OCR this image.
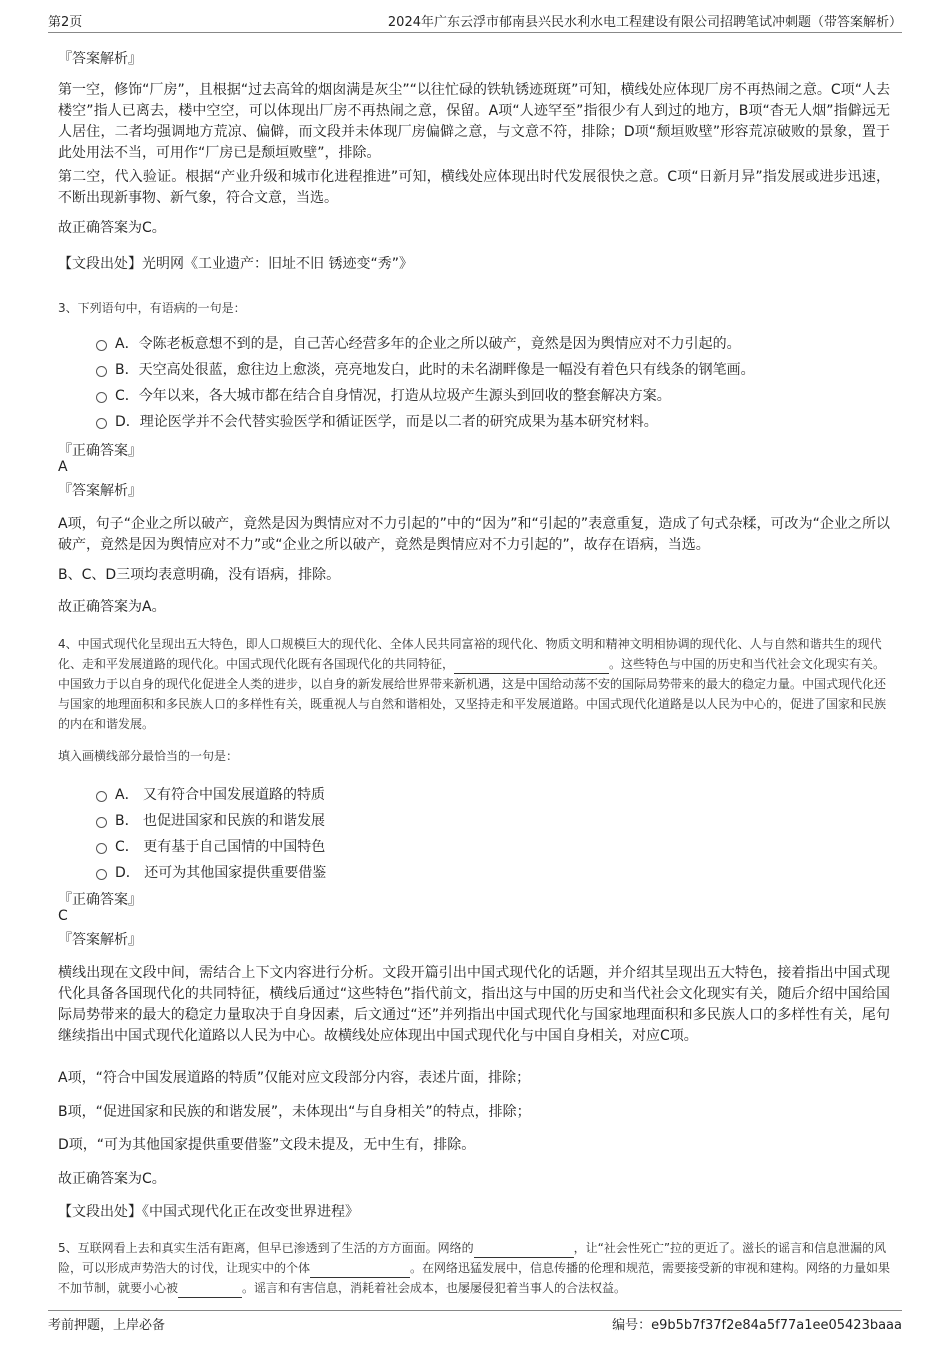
第2页	2024年广东云浮市郁南县兴民水利水电工程建设有限公司招聘笔试冲刺题（带答案解析）
『答案解析』

第一空，修饰“厂房”，且根据“过去高耸的烟囱满是灰尘”“以往忙碌的铁轨锈迹斑斑”可知，横线处应体现厂房不再热闹之意。C项“人去楼空”指人已离去，楼中空空，可以体现出厂房不再热闹之意，保留。A项“人迹罕至”指很少有人到过的地方，B项“杳无人烟”指僻远无人居住，二者均强调地方荒凉、偏僻，而文段并未体现厂房偏僻之意，与文意不符，排除；D项“颓垣败壁”形容荒凉破败的景象，置于此处用法不当，可用作“厂房已是颓垣败壁”，排除。

第二空，代入验证。根据“产业升级和城市化进程推进”可知，横线处应体现出时代发展很快之意。C项“日新月异”指发展或进步迅速，不断出现新事物、新气象，符合文意，当选。

故正确答案为C。

【文段出处】光明网《工业遗产：旧址不旧 锈迹变“秀”》

3、下列语句中，有语病的一句是：

A．令陈老板意想不到的是，自己苦心经营多年的企业之所以破产，竟然是因为舆情应对不力引起的。
B．天空高处很蓝，愈往边上愈淡，亮亮地发白，此时的未名湖畔像是一幅没有着色只有线条的钢笔画。
C．今年以来，各大城市都在结合自身情况，打造从垃圾产生源头到回收的整套解决方案。
D．理论医学并不会代替实验医学和循证医学，而是以二者的研究成果为基本研究材料。
『正确答案』
A
『答案解析』

A项，句子“企业之所以破产，竟然是因为舆情应对不力引起的”中的“因为”和“引起的”表意重复，造成了句式杂糅，可改为“企业之所以破产，竟然是因为舆情应对不力”或“企业之所以破产，竟然是舆情应对不力引起的”，故存在语病，当选。

B、C、D三项均表意明确，没有语病，排除。

故正确答案为A。

4、中国式现代化呈现出五大特色，即人口规模巨大的现代化、全体人民共同富裕的现代化、物质文明和精神文明相协调的现代化、人与自然和谐共生的现代化、走和平发展道路的现代化。中国式现代化既有各国现代化的共同特征，	。这些特色与中国的历史和当代社会文化现实有关。中国致力于以自身的现代化促进全人类的进步，以自身的新发展给世界带来新机遇，这是中国给动荡不安的国际局势带来的最大的稳定力量。中国式现代化还与国家的地理面积和多民族人口的多样性有关，既重视人与自然和谐相处，又坚持走和平发展道路。中国式现代化道路是以人民为中心的，促进了国家和民族的内在和谐发展。

填入画横线部分最恰当的一句是：

A． 又有符合中国发展道路的特质
B． 也促进国家和民族的和谐发展
C． 更有基于自己国情的中国特色
D． 还可为其他国家提供重要借鉴
『正确答案』
C
『答案解析』

横线出现在文段中间，需结合上下文内容进行分析。文段开篇引出中国式现代化的话题，并介绍其呈现出五大特色，接着指出中国式现代化具备各国现代化的共同特征，横线后通过“这些特色”指代前文，指出这与中国的历史和当代社会文化现实有关，随后介绍中国给国际局势带来的最大的稳定力量取决于自身因素，后文通过“还”并列指出中国式现代化与国家地理面积和多民族人口的多样性有关，尾句继续指出中国式现代化道路以人民为中心。故横线处应体现出中国式现代化与中国自身相关，对应C项。

A项，“符合中国发展道路的特质”仅能对应文段部分内容，表述片面，排除；

B项，“促进国家和民族的和谐发展”，未体现出“与自身相关”的特点，排除；

D项，“可为其他国家提供重要借鉴”文段未提及，无中生有，排除。

故正确答案为C。

【文段出处】《中国式现代化正在改变世界进程》

5、互联网看上去和真实生活有距离，但早已渗透到了生活的方方面面。网络的	，让“社会性死亡”拉的更近了。滋长的谣言和信息泄漏的风险，可以形成声势浩大的讨伐，让现实中的个体	。在网络迅猛发展中，信息传播的伦理和规范，需要接受新的审视和建构。网络的力量如果不加节制，就要小心被	。谣言和有害信息，消耗着社会成本，也屡屡侵犯着当事人的合法权益。

考前押题，上岸必备	编号：e9b5b7f37f2e84a5f77a1ee05423baaa
